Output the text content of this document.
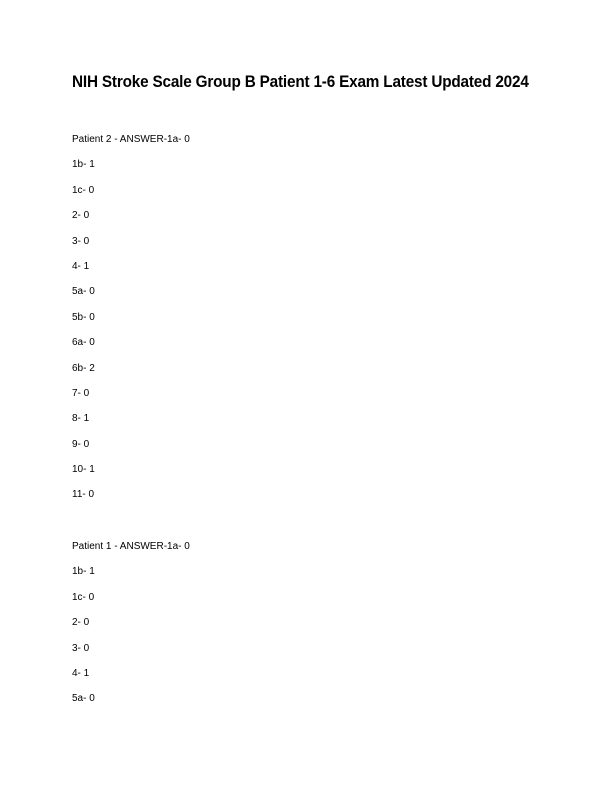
NIH Stroke Scale Group B Patient 1-6 Exam Latest Updated 2024
Patient 2 - ANSWER-1a- 0
1b- 1
1c- 0
2- 0
3- 0
4- 1
5a- 0
5b- 0
6a- 0
6b- 2
7- 0
8- 1
9- 0
10- 1
11- 0
Patient 1 - ANSWER-1a- 0
1b- 1
1c- 0
2- 0
3- 0
4- 1
5a- 0
